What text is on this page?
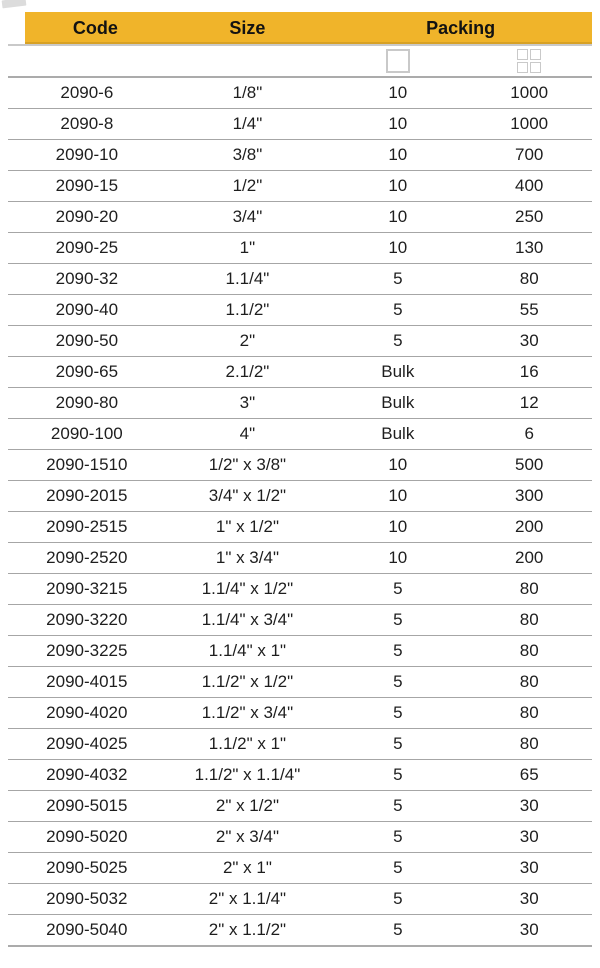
Code	Size	Packing
2090-6	1/8"	10	1000
2090-8	1/4"	10	1000
2090-10	3/8"	10	700
2090-15	1/2"	10	400
2090-20	3/4"	10	250
2090-25	1"	10	130
2090-32	1.1/4"	5	80
2090-40	1.1/2"	5	55
2090-50	2"	5	30
2090-65	2.1/2"	Bulk	16
2090-80	3"	Bulk	12
2090-100	4"	Bulk	6
2090-1510	1/2" x 3/8"	10	500
2090-2015	3/4" x 1/2"	10	300
2090-2515	1" x 1/2"	10	200
2090-2520	1" x 3/4"	10	200
2090-3215	1.1/4" x 1/2"	5	80
2090-3220	1.1/4" x 3/4"	5	80
2090-3225	1.1/4" x 1"	5	80
2090-4015	1.1/2" x 1/2"	5	80
2090-4020	1.1/2" x 3/4"	5	80
2090-4025	1.1/2" x 1"	5	80
2090-4032	1.1/2" x 1.1/4"	5	65
2090-5015	2" x 1/2"	5	30
2090-5020	2" x 3/4"	5	30
2090-5025	2" x 1"	5	30
2090-5032	2" x 1.1/4"	5	30
2090-5040	2" x 1.1/2"	5	30
